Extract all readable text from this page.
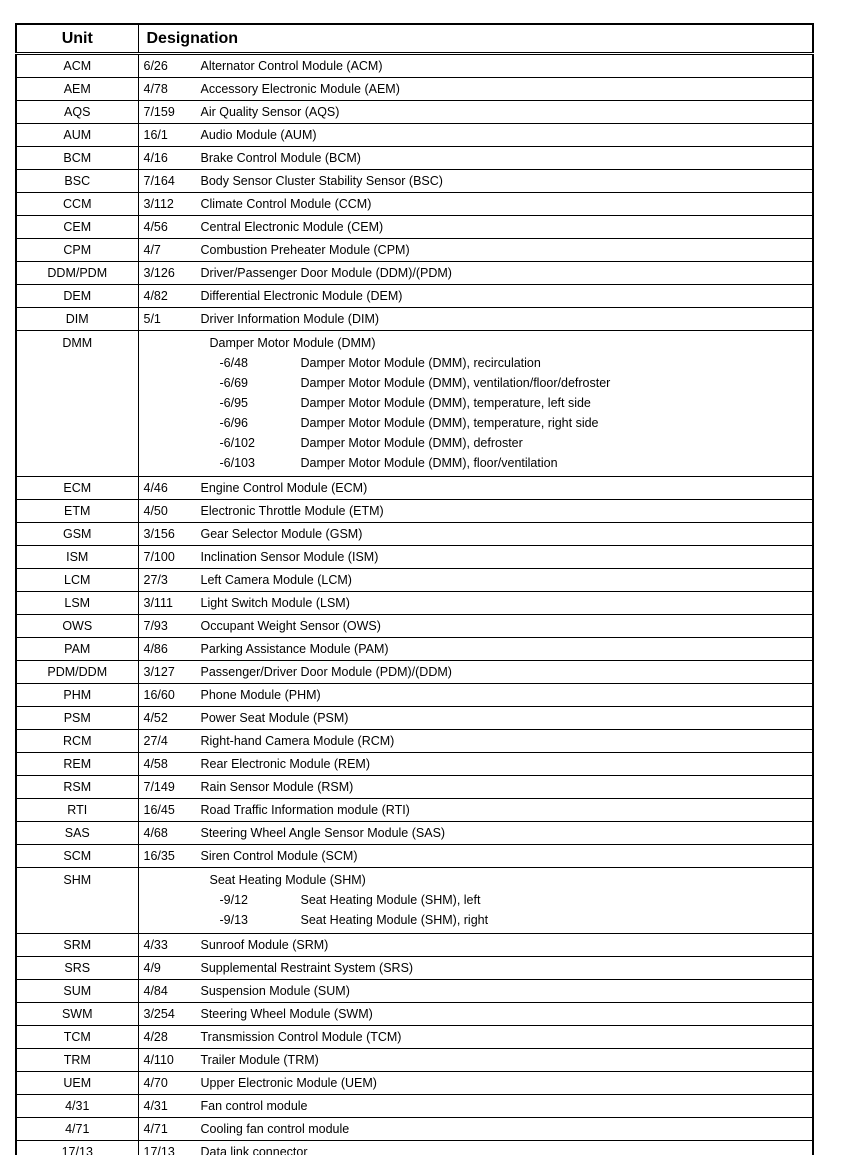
Unit	Designation
ACM	6/26 Alternator Control Module (ACM)

AEM	4/78 Accessory Electronic Module (AEM)

AQS	7/159 Air Quality Sensor (AQS)

AUM	16/1 Audio Module (AUM)

BCM	4/16 Brake Control Module (BCM)

BSC	7/164 Body Sensor Cluster Stability Sensor (BSC)

CCM	3/112 Climate Control Module (CCM)

CEM	4/56 Central Electronic Module (CEM)

CPM	4/7 Combustion Preheater Module (CPM)

DDM/PDM	3/126 Driver/Passenger Door Module (DDM)/(PDM)

DEM	4/82 Differential Electronic Module (DEM)

DIM	5/1 Driver Information Module (DIM)

DMM	Damper Motor Module (DMM)
-6/48	Damper Motor Module (DMM), recirculation
-6/69	Damper Motor Module (DMM), ventilation/floor/defroster
-6/95	Damper Motor Module (DMM), temperature, left side
-6/96	Damper Motor Module (DMM), temperature, right side
-6/102	Damper Motor Module (DMM), defroster
-6/103	Damper Motor Module (DMM), floor/ventilation

ECM	4/46 Engine Control Module (ECM)

ETM	4/50 Electronic Throttle Module (ETM)

GSM	3/156 Gear Selector Module (GSM)

ISM	7/100 Inclination Sensor Module (ISM)

LCM	27/3 Left Camera Module (LCM)

LSM	3/111 Light Switch Module (LSM)

OWS	7/93 Occupant Weight Sensor (OWS)

PAM	4/86 Parking Assistance Module (PAM)

PDM/DDM	3/127 Passenger/Driver Door Module (PDM)/(DDM)

PHM	16/60 Phone Module (PHM)

PSM	4/52 Power Seat Module (PSM)

RCM	27/4 Right-hand Camera Module (RCM)

REM	4/58 Rear Electronic Module (REM)

RSM	7/149 Rain Sensor Module (RSM)

RTI	16/45 Road Traffic Information module (RTI)

SAS	4/68 Steering Wheel Angle Sensor Module (SAS)

SCM	16/35 Siren Control Module (SCM)

SHM	Seat Heating Module (SHM)
-9/12 Seat Heating Module (SHM), left
-9/13 Seat Heating Module (SHM), right

SRM	4/33 Sunroof Module (SRM)

SRS	4/9 Supplemental Restraint System (SRS)

SUM	4/84 Suspension Module (SUM)

SWM	3/254 Steering Wheel Module (SWM)

TCM	4/28 Transmission Control Module (TCM)

TRM	4/110 Trailer Module (TRM)

UEM	4/70 Upper Electronic Module (UEM)

4/31	4/31 Fan control module

4/71	4/71 Cooling fan control module

17/13	17/13 Data link connector
